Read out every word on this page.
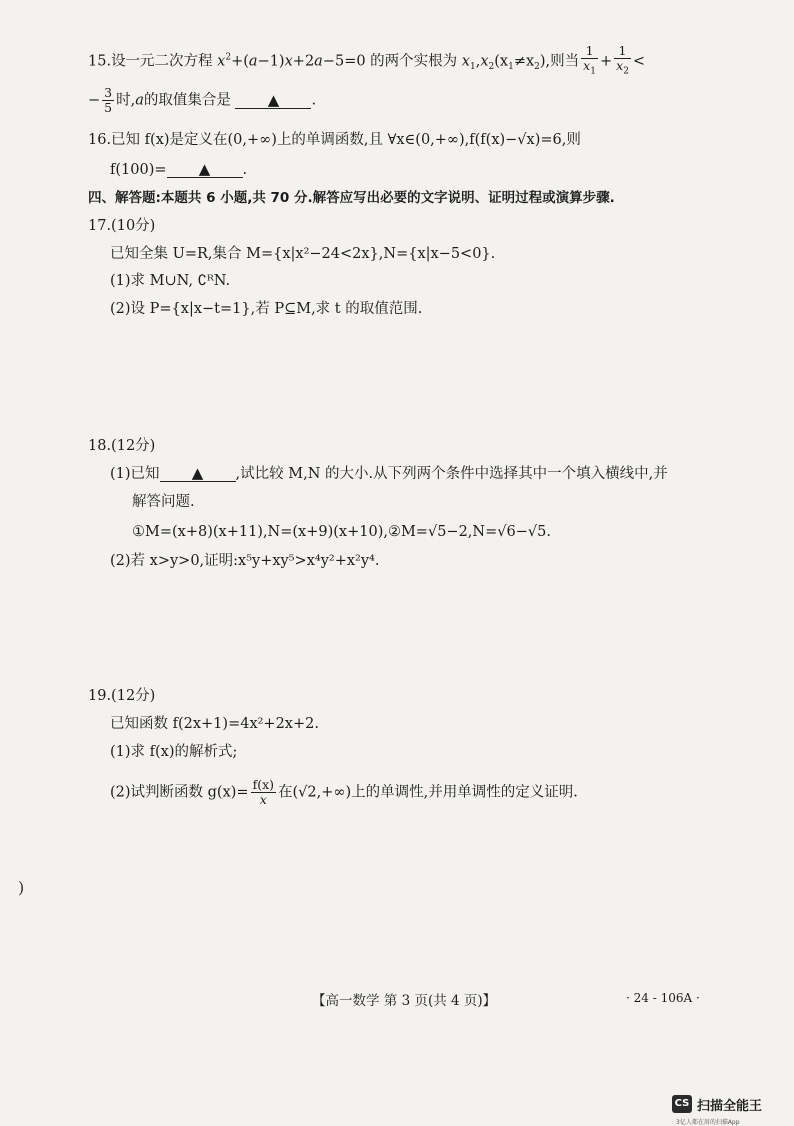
15.设一元二次方程 $x^2+(a-1)x+2a-5=0$ 的两个实根为 $x_1,x_2(x_1\ne x_2)$,则当 $\frac{1}{x_1} + \frac{1}{x_2}$ <
− $\frac{3}{5}$ 时,a的取值集合是 ▲ .
16.已知 f(x)是定义在(0,+∞)上的单调函数,且 ∀x∈(0,+∞),f(f(x)−√x)=6,则
f(100)= ▲ .
四、解答题:本题共 6 小题,共 70 分.解答应写出必要的文字说明、证明过程或演算步骤.
17.(10分)
已知全集 U=R,集合 M={x|x²−24<2x},N={x|x−5<0}.
(1)求 M∪N, ∁ᴿN.
(2)设 P={x|x−t=1},若 P⊆M,求 t 的取值范围.
18.(12分)
(1)已知 ▲ ,试比较 M,N 的大小.从下列两个条件中选择其中一个填入横线中,并
解答问题.
①M=(x+8)(x+11),N=(x+9)(x+10),②M=√5−2,N=√6−√5.
(2)若 x>y>0,证明:x⁵y+xy⁵>x⁴y²+x²y⁴.
19.(12分)
已知函数 f(2x+1)=4x²+2x+2.
(1)求 f(x)的解析式;
(2)试判断函数 $g(x)= \frac{f(x)}{x}$ 在(√2,+∞)上的单调性,并用单调性的定义证明.
)
【高一数学 第 3 页(共 4 页)】	· 24 - 106A ·
CS 扫描全能王
3亿人都在用的扫描App
